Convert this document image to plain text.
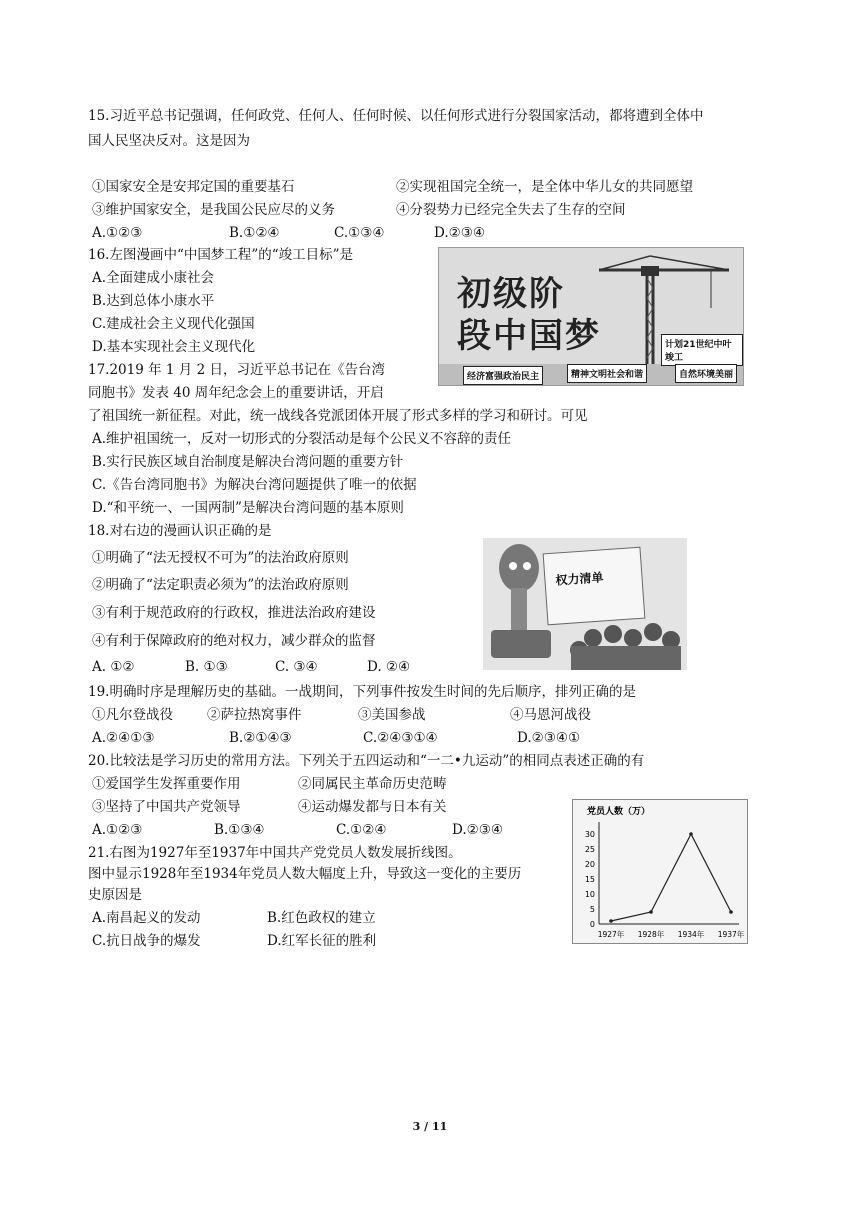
15.习近平总书记强调，任何政党、任何人、任何时候、以任何形式进行分裂国家活动，都将遭到全体中
国人民坚决反对。这是因为
①国家安全是安邦定国的重要基石	②实现祖国完全统一，是全体中华儿女的共同愿望
③维护国家安全，是我国公民应尽的义务	④分裂势力已经完全失去了生存的空间
A.①②③	B.①②④	C.①③④	D.②③④
16.左图漫画中“中国梦工程”的“竣工目标”是
A.全面建成小康社会
B.达到总体小康水平
C.建成社会主义现代化强国
D.基本实现社会主义现代化
初级阶
段中国梦	计划21世纪中叶竣工
经济富强政治民主	精神文明社会和谐	自然环境美丽
17.2019 年 1 月 2 日，习近平总书记在《告台湾
同胞书》发表 40 周年纪念会上的重要讲话，开启
了祖国统一新征程。对此，统一战线各党派团体开展了形式多样的学习和研讨。可见
A.维护祖国统一，反对一切形式的分裂活动是每个公民义不容辞的责任
B.实行民族区域自治制度是解决台湾问题的重要方针
C.《告台湾同胞书》为解决台湾问题提供了唯一的依据
D.“和平统一、一国两制”是解决台湾问题的基本原则
18.对右边的漫画认识正确的是
①明确了“法无授权不可为”的法治政府原则
②明确了“法定职责必须为”的法治政府原则
③有利于规范政府的行政权，推进法治政府建设
④有利于保障政府的绝对权力，减少群众的监督
A. ①②	B. ①③	C. ③④	D. ②④
权力清单
19.明确时序是理解历史的基础。一战期间，下列事件按发生时间的先后顺序，排列正确的是
①凡尔登战役	②萨拉热窝事件	③美国参战	④马恩河战役
A.②④①③	B.②①④③	C.②④③①④	D.②③④①
20.比较法是学习历史的常用方法。下列关于五四运动和“一二•九运动”的相同点表述正确的有
①爱国学生发挥重要作用	②同属民主革命历史范畴
③坚持了中国共产党领导	④运动爆发都与日本有关
A.①②③	B.①③④	C.①②④	D.②③④
21.右图为1927年至1937年中国共产党党员人数发展折线图。
图中显示1928年至1934年党员人数大幅度上升，导致这一变化的主要历
史原因是
A.南昌起义的发动	B.红色政权的建立
C.抗日战争的爆发	D.红军长征的胜利
党员人数（万）
0
5
10
15
20
25
30
1927年 1928年 1934年 1937年
3 / 11
